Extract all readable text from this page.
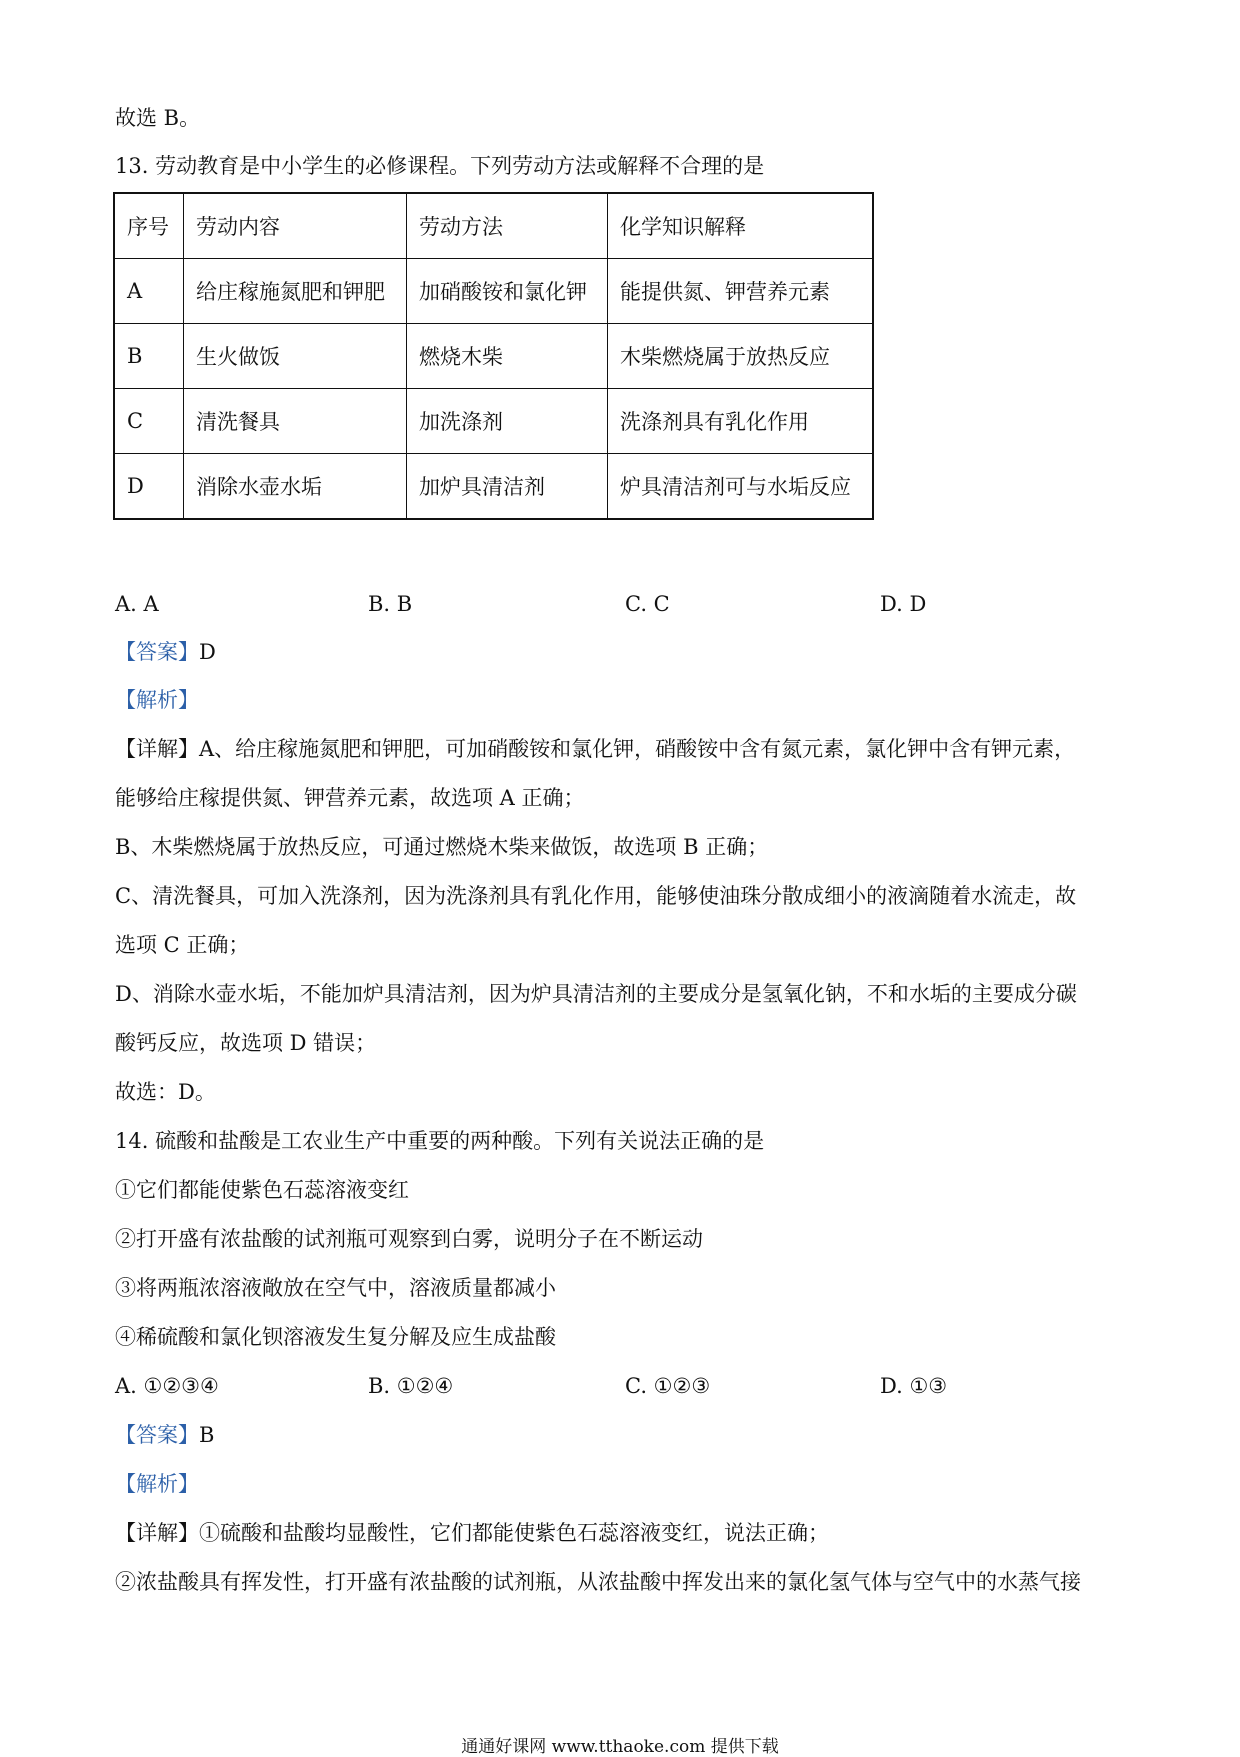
故选 B。
13. 劳动教育是中小学生的必修课程。下列劳动方法或解释不合理的是
序号	劳动内容	劳动方法	化学知识解释
A	给庄稼施氮肥和钾肥	加硝酸铵和氯化钾	能提供氮、钾营养元素
B	生火做饭	燃烧木柴	木柴燃烧属于放热反应
C	清洗餐具	加洗涤剂	洗涤剂具有乳化作用
D	消除水壶水垢	加炉具清洁剂	炉具清洁剂可与水垢反应
A. A	B. B	C. C	D. D
【答案】D
【解析】
【详解】A、给庄稼施氮肥和钾肥，可加硝酸铵和氯化钾，硝酸铵中含有氮元素，氯化钾中含有钾元素，
能够给庄稼提供氮、钾营养元素，故选项 A 正确；
B、木柴燃烧属于放热反应，可通过燃烧木柴来做饭，故选项 B 正确；
C、清洗餐具，可加入洗涤剂，因为洗涤剂具有乳化作用，能够使油珠分散成细小的液滴随着水流走，故
选项 C 正确；
D、消除水壶水垢，不能加炉具清洁剂，因为炉具清洁剂的主要成分是氢氧化钠，不和水垢的主要成分碳
酸钙反应，故选项 D 错误；
故选：D。
14. 硫酸和盐酸是工农业生产中重要的两种酸。下列有关说法正确的是
①它们都能使紫色石蕊溶液变红
②打开盛有浓盐酸的试剂瓶可观察到白雾，说明分子在不断运动
③将两瓶浓溶液敞放在空气中，溶液质量都减小
④稀硫酸和氯化钡溶液发生复分解及应生成盐酸
A. ①②③④	B. ①②④	C. ①②③	D. ①③
【答案】B
【解析】
【详解】①硫酸和盐酸均显酸性，它们都能使紫色石蕊溶液变红，说法正确；
②浓盐酸具有挥发性，打开盛有浓盐酸的试剂瓶，从浓盐酸中挥发出来的氯化氢气体与空气中的水蒸气接
通通好课网 www.tthaoke.com 提供下载
